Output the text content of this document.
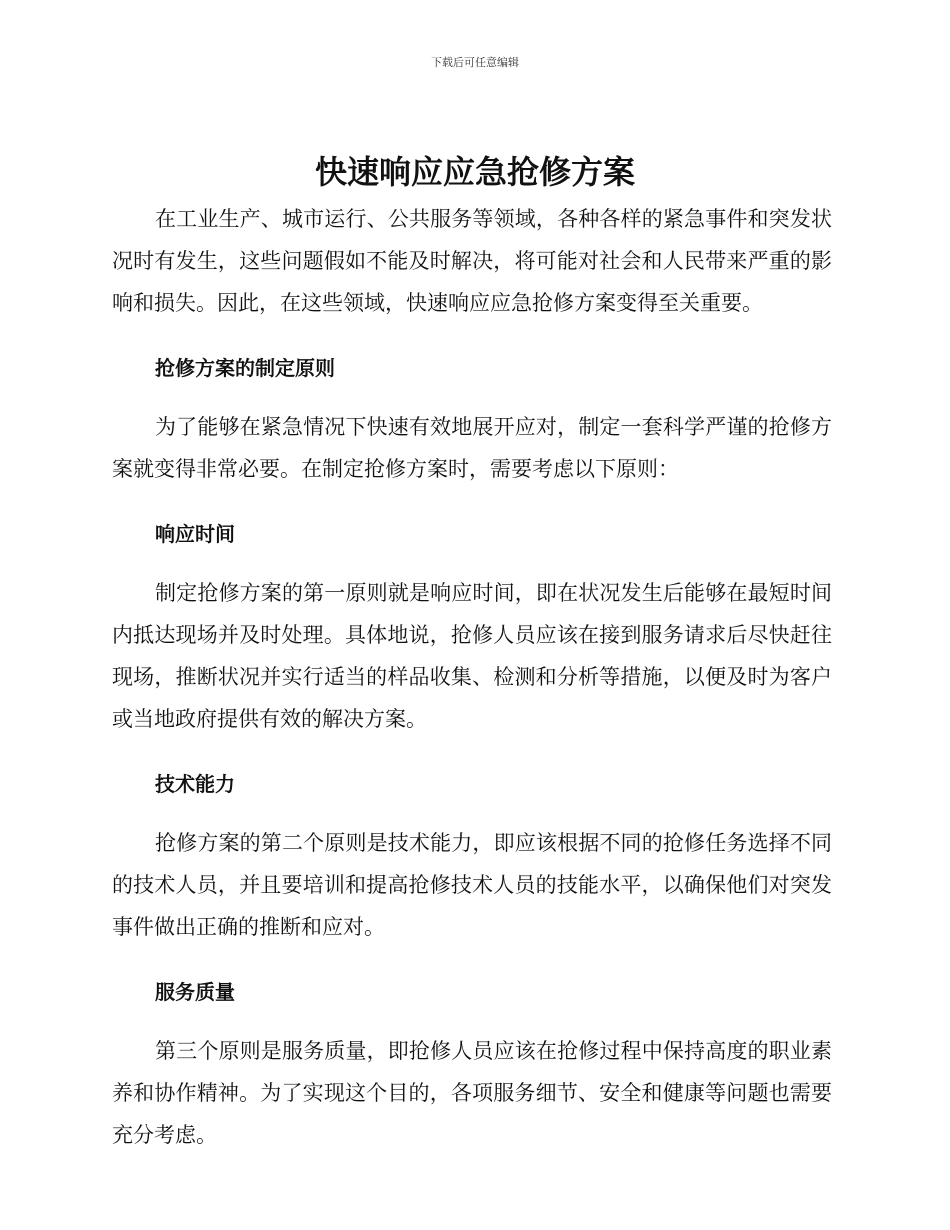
下载后可任意编辑
快速响应应急抢修方案

在工业生产、城市运行、公共服务等领域，各种各样的紧急事件和突发状况时有发生，这些问题假如不能及时解决，将可能对社会和人民带来严重的影响和损失。因此，在这些领域，快速响应应急抢修方案变得至关重要。

抢修方案的制定原则

为了能够在紧急情况下快速有效地展开应对，制定一套科学严谨的抢修方案就变得非常必要。在制定抢修方案时，需要考虑以下原则：

响应时间

制定抢修方案的第一原则就是响应时间，即在状况发生后能够在最短时间内抵达现场并及时处理。具体地说，抢修人员应该在接到服务请求后尽快赶往现场，推断状况并实行适当的样品收集、检测和分析等措施，以便及时为客户或当地政府提供有效的解决方案。

技术能力

抢修方案的第二个原则是技术能力，即应该根据不同的抢修任务选择不同的技术人员，并且要培训和提高抢修技术人员的技能水平，以确保他们对突发事件做出正确的推断和应对。

服务质量

第三个原则是服务质量，即抢修人员应该在抢修过程中保持高度的职业素养和协作精神。为了实现这个目的，各项服务细节、安全和健康等问题也需要充分考虑。
